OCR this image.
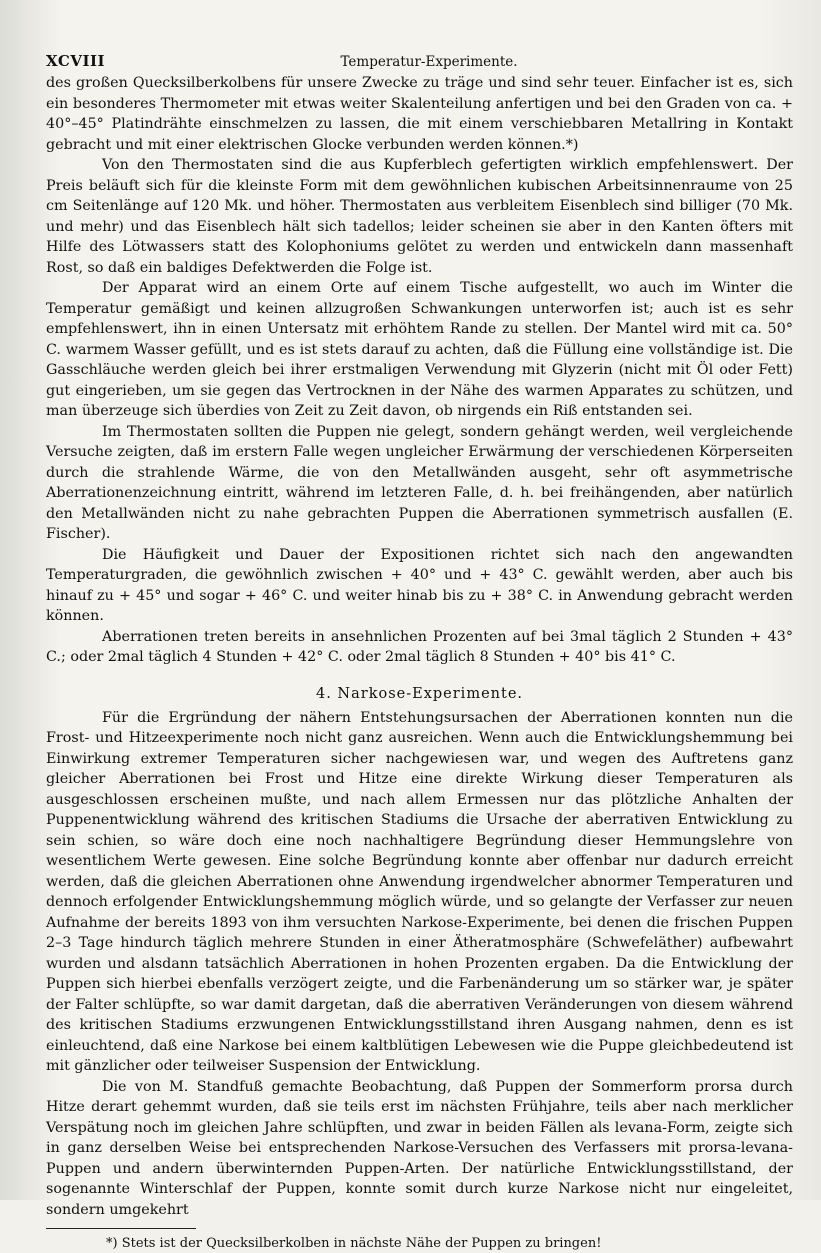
XCVIII	Temperatur-Experimente.

des großen Quecksilberkolbens für unsere Zwecke zu träge und sind sehr teuer. Einfacher ist es, sich ein besonderes Thermometer mit etwas weiter Skalenteilung anfertigen und bei den Graden von ca. + 40°–45° Platindrähte einschmelzen zu lassen, die mit einem verschiebbaren Metallring in Kontakt gebracht und mit einer elektrischen Glocke verbunden werden können.*)

Von den Thermostaten sind die aus Kupferblech gefertigten wirklich empfehlenswert. Der Preis beläuft sich für die kleinste Form mit dem gewöhnlichen kubischen Arbeitsinnenraume von 25 cm Seitenlänge auf 120 Mk. und höher. Thermostaten aus verbleitem Eisenblech sind billiger (70 Mk. und mehr) und das Eisenblech hält sich tadellos; leider scheinen sie aber in den Kanten öfters mit Hilfe des Lötwassers statt des Kolophoniums gelötet zu werden und entwickeln dann massenhaft Rost, so daß ein baldiges Defektwerden die Folge ist.

Der Apparat wird an einem Orte auf einem Tische aufgestellt, wo auch im Winter die Temperatur gemäßigt und keinen allzugroßen Schwankungen unterworfen ist; auch ist es sehr empfehlenswert, ihn in einen Untersatz mit erhöhtem Rande zu stellen. Der Mantel wird mit ca. 50° C. warmem Wasser gefüllt, und es ist stets darauf zu achten, daß die Füllung eine vollständige ist. Die Gasschläuche werden gleich bei ihrer erstmaligen Verwendung mit Glyzerin (nicht mit Öl oder Fett) gut eingerieben, um sie gegen das Vertrocknen in der Nähe des warmen Apparates zu schützen, und man überzeuge sich überdies von Zeit zu Zeit davon, ob nirgends ein Riß entstanden sei.

Im Thermostaten sollten die Puppen nie gelegt, sondern gehängt werden, weil vergleichende Versuche zeigten, daß im erstern Falle wegen ungleicher Erwärmung der verschiedenen Körperseiten durch die strahlende Wärme, die von den Metallwänden ausgeht, sehr oft asymmetrische Aberrationenzeichnung eintritt, während im letzteren Falle, d. h. bei freihängenden, aber natürlich den Metallwänden nicht zu nahe gebrachten Puppen die Aberrationen symmetrisch ausfallen (E. Fischer).

Die Häufigkeit und Dauer der Expositionen richtet sich nach den angewandten Temperaturgraden, die gewöhnlich zwischen + 40° und + 43° C. gewählt werden, aber auch bis hinauf zu + 45° und sogar + 46° C. und weiter hinab bis zu + 38° C. in Anwendung gebracht werden können.

Aberrationen treten bereits in ansehnlichen Prozenten auf bei 3mal täglich 2 Stunden + 43° C.; oder 2mal täglich 4 Stunden + 42° C. oder 2mal täglich 8 Stunden + 40° bis 41° C.

4. Narkose-Experimente.

Für die Ergründung der nähern Entstehungsursachen der Aberrationen konnten nun die Frost- und Hitzeexperimente noch nicht ganz ausreichen. Wenn auch die Entwicklungshemmung bei Einwirkung extremer Temperaturen sicher nachgewiesen war, und wegen des Auftretens ganz gleicher Aberrationen bei Frost und Hitze eine direkte Wirkung dieser Temperaturen als ausgeschlossen erscheinen mußte, und nach allem Ermessen nur das plötzliche Anhalten der Puppenentwicklung während des kritischen Stadiums die Ursache der aberrativen Entwicklung zu sein schien, so wäre doch eine noch nachhaltigere Begründung dieser Hemmungslehre von wesentlichem Werte gewesen. Eine solche Begründung konnte aber offenbar nur dadurch erreicht werden, daß die gleichen Aberrationen ohne Anwendung irgendwelcher abnormer Temperaturen und dennoch erfolgender Entwicklungshemmung möglich würde, und so gelangte der Verfasser zur neuen Aufnahme der bereits 1893 von ihm versuchten Narkose-Experimente, bei denen die frischen Puppen 2–3 Tage hindurch täglich mehrere Stunden in einer Ätheratmosphäre (Schwefeläther) aufbewahrt wurden und alsdann tatsächlich Aberrationen in hohen Prozenten ergaben. Da die Entwicklung der Puppen sich hierbei ebenfalls verzögert zeigte, und die Farbenänderung um so stärker war, je später der Falter schlüpfte, so war damit dargetan, daß die aberrativen Veränderungen von diesem während des kritischen Stadiums erzwungenen Entwicklungsstillstand ihren Ausgang nahmen, denn es ist einleuchtend, daß eine Narkose bei einem kaltblütigen Lebewesen wie die Puppe gleichbedeutend ist mit gänzlicher oder teilweiser Suspension der Entwicklung.

Die von M. Standfuß gemachte Beobachtung, daß Puppen der Sommerform prorsa durch Hitze derart gehemmt wurden, daß sie teils erst im nächsten Frühjahre, teils aber nach merklicher Verspätung noch im gleichen Jahre schlüpften, und zwar in beiden Fällen als levana-Form, zeigte sich in ganz derselben Weise bei entsprechenden Narkose-Versuchen des Verfassers mit prorsa-levana-Puppen und andern überwinternden Puppen-Arten. Der natürliche Entwicklungsstillstand, der sogenannte Winterschlaf der Puppen, konnte somit durch kurze Narkose nicht nur eingeleitet, sondern umgekehrt

*) Stets ist der Quecksilberkolben in nächste Nähe der Puppen zu bringen!
